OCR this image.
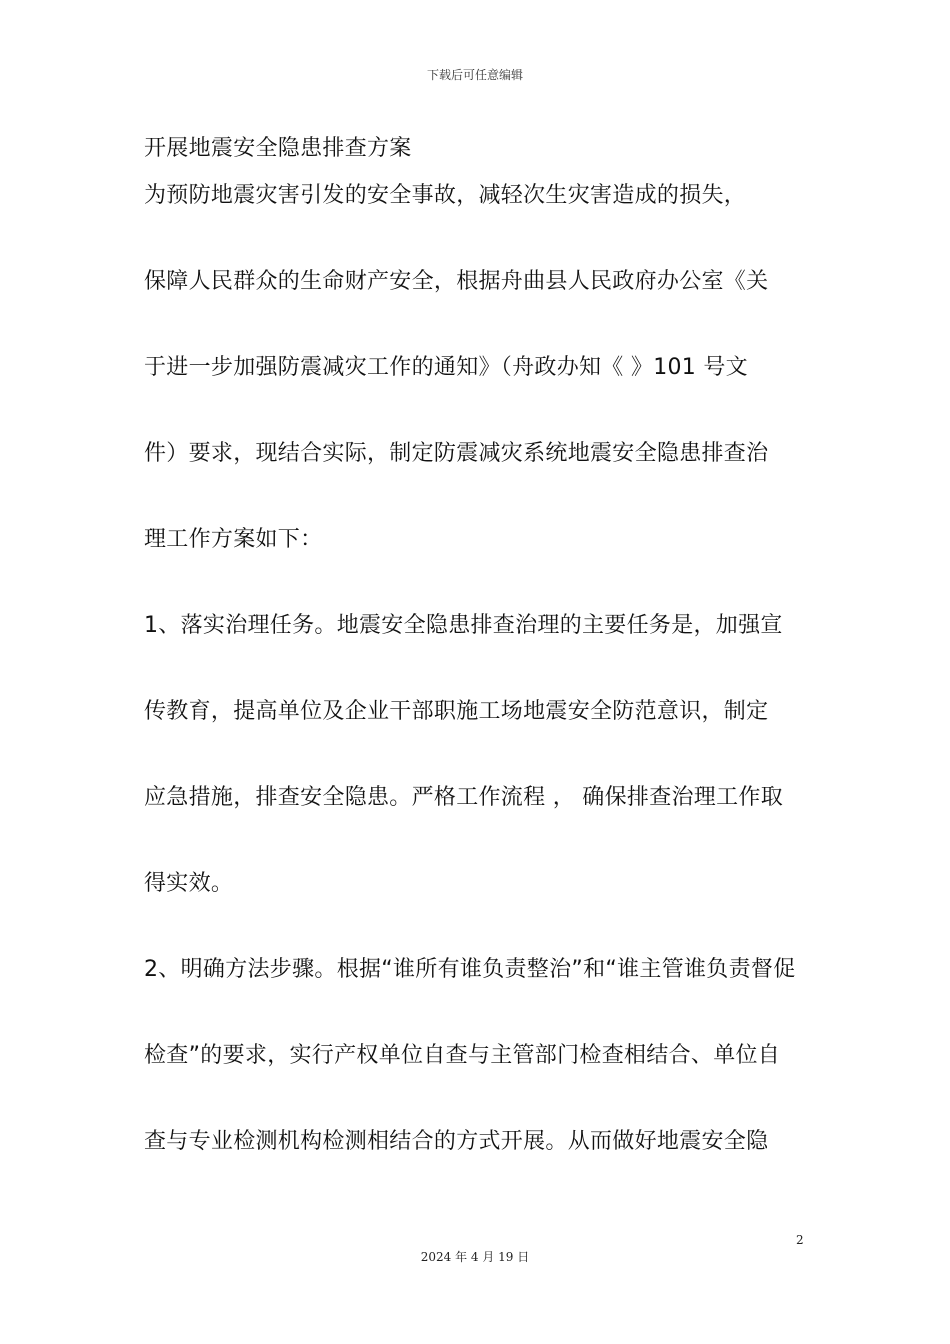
下载后可任意编辑
开展地震安全隐患排查方案
为预防地震灾害引发的安全事故，减轻次生灾害造成的损失，
保障人民群众的生命财产安全，根据舟曲县人民政府办公室《关
于进一步加强防震减灾工作的通知》（舟政办知《 》101 号文
件）要求，现结合实际，制定防震减灾系统地震安全隐患排查治
理工作方案如下：
1、落实治理任务。地震安全隐患排查治理的主要任务是，加强宣
传教育，提高单位及企业干部职施工场地震安全防范意识，制定
应急措施，排查安全隐患。严格工作流程 ， 确保排查治理工作取
得实效。
2、明确方法步骤。根据“谁所有谁负责整治”和“谁主管谁负责督促
检查”的要求，实行产权单位自查与主管部门检查相结合、单位自
查与专业检测机构检测相结合的方式开展。从而做好地震安全隐
2
2024 年 4 月 19 日
